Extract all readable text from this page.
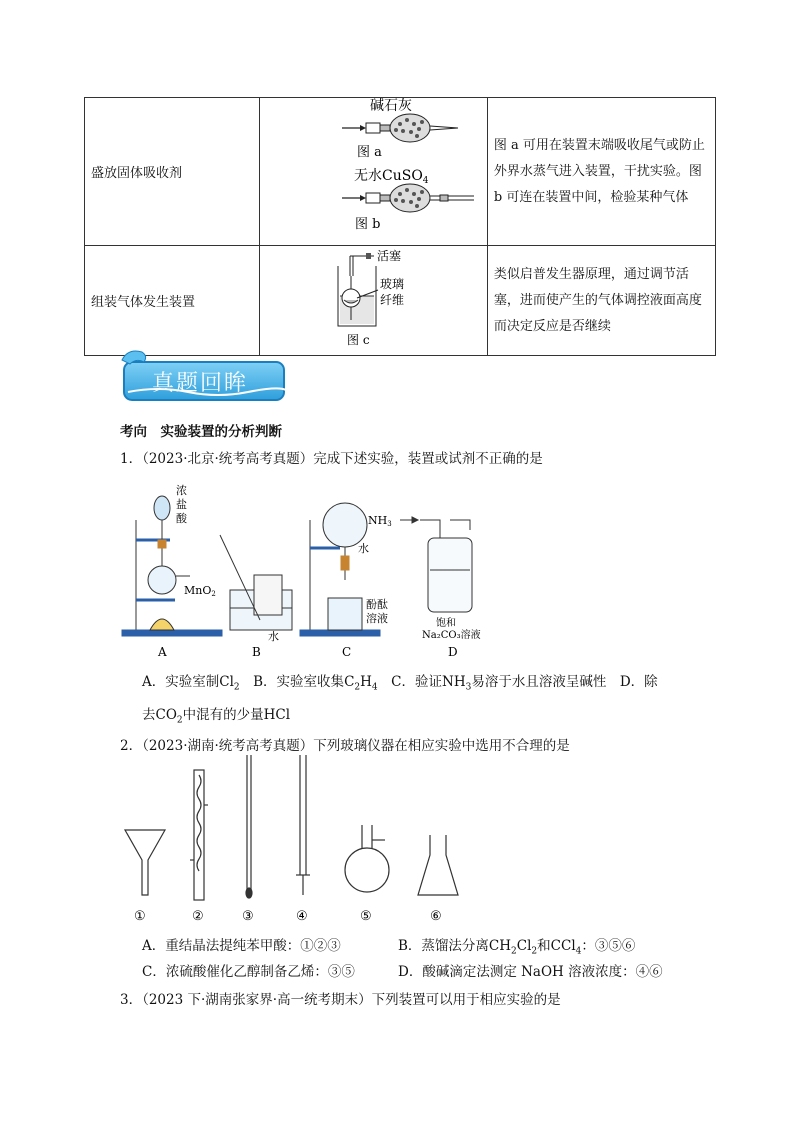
盛放固体吸收剂	碱石灰
图 a
无水CuSO$_4$
图 b	图 a 可用在装置末端吸收尾气或防止外界水蒸气进入装置，干扰实验。图 b 可连在装置中间，检验某种气体
组装气体发生装置	活塞
玻璃
纤维
图 c	类似启普发生器原理，通过调节活塞，进而使产生的气体调控液面高度而决定反应是否继续
真题回眸
考向　实验装置的分析判断
1．（2023·北京·统考高考真题）完成下述实验，装置或试剂不正确的是
浓
盐
酸
MnO2
A
水
B
NH3
水
酚酞
溶液
C
饱和
Na₂CO₃溶液
D
A．实验室制$Cl_2$　B．实验室收集$C_2H_4$　C．验证$NH_3$易溶于水且溶液呈碱性　D．除
去$CO_2$中混有的少量HCl
2．（2023·湖南·统考高考真题）下列玻璃仪器在相应实验中选用不合理的是
①	②	③	④	⑤	⑥
A．重结晶法提纯苯甲酸：①②③	B．蒸馏法分离$CH_2Cl_2$和CCl$_4$：③⑤⑥
C．浓硫酸催化乙醇制备乙烯：③⑤	D．酸碱滴定法测定 NaOH 溶液浓度：④⑥
3．（2023 下·湖南张家界·高一统考期末）下列装置可以用于相应实验的是
